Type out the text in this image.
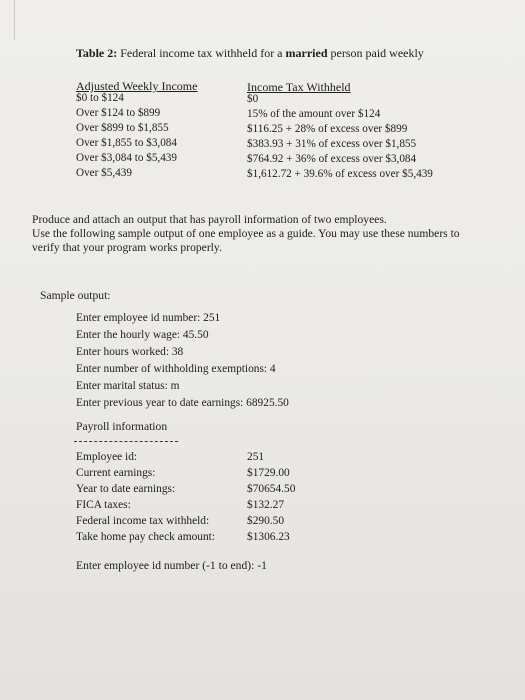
Table 2: Federal income tax withheld for a married person paid weekly
Adjusted Weekly Income	Income Tax Withheld
$0 to $124
Over $124 to $899
Over $899 to $1,855
Over $1,855 to $3,084
Over $3,084 to $5,439
Over $5,439
$0
15% of the amount over $124
$116.25 + 28% of excess over $899
$383.93 + 31% of excess over $1,855
$764.92 + 36% of excess over $3,084
$1,612.72 + 39.6% of excess over $5,439
Produce and attach an output that has payroll information of two employees.
Use the following sample output of one employee as a guide. You may use these numbers to
verify that your program works properly.
Sample output:
Enter employee id number: 251
Enter the hourly wage: 45.50
Enter hours worked: 38
Enter number of withholding exemptions: 4
Enter marital status: m
Enter previous year to date earnings: 68925.50
Payroll information
Employee id:
Current earnings:
Year to date earnings:
FICA taxes:
Federal income tax withheld:
Take home pay check amount:
251
$1729.00
$70654.50
$132.27
$290.50
$1306.23
Enter employee id number (-1 to end): -1
